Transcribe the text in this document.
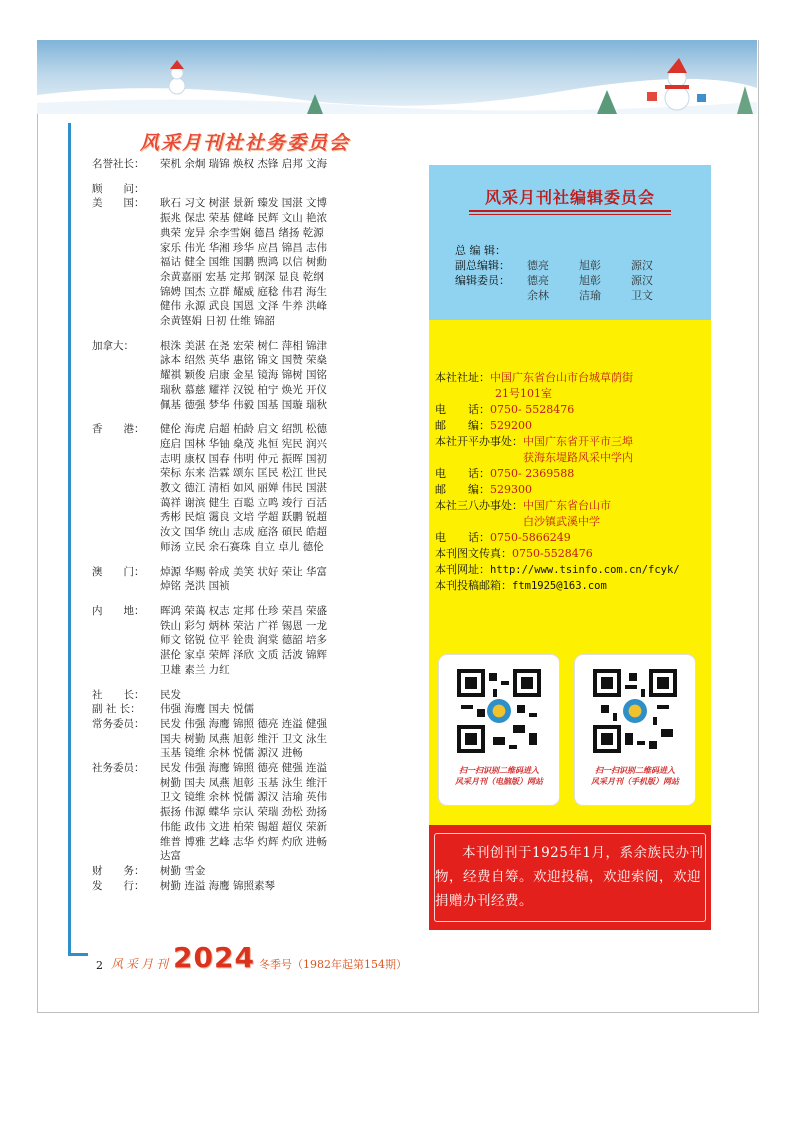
风采月刊社社务委员会
名誉社长：	荣机 余炯 瑞锦 焕权 杰锋 启邦 文海
顾　　问：
美　　国：	耿石 习文 树湛 景新 臻发 国湛 文博
振兆 保忠 荣基 健峰 民辉 文山 艳浓
典荣 宠异 余李雪娴 德昌 绪扬 乾源
家乐 伟光 华湘 珍华 应昌 锦昌 志伟
福诂 健全 国维 国鹏 煦鸿 以信 树勳
余黄嘉丽 宏基 定邦 钢深 显良 乾纲
锦娉 国杰 立群 耀威 庭稔 伟君 海生
健伟 永源 武良 国恩 文泽 牛养 洪峰
余黄铿娟 日初 仕维 锦韶
加拿大：	根洙 美湛 在尧 宏荣 树仁 萍相 锦津
詠本 绍然 英华 惠铭 锦文 国赞 荣燊
耀祺 颖俊 启康 金星 镜海 锦树 国铭
瑞秋 慕慈 耀祥 汉锐 柏宁 焕光 开仪
佩基 德强 梦华 伟毅 国基 国璇 瑞秋
香　　港：	健伦 海虎 启超 柏龄 启文 绍凯 松德
庭启 国林 华铀 燊茂 兆恒 宪民 润兴
志明 康权 国春 伟明 仲元 振晖 国初
荣标 东来 浩霖 颂东 匡民 松江 世民
教文 德江 清栢 如风 丽婵 伟民 国湛
蔼祥 谢滨 健生 百聪 立鸣 竣行 百活
秀彬 民煊 霭良 文培 学超 跃鹏 锐超
汝文 国华 统山 志成 庭洛 碩民 皓超
师汤 立民 余石赛珠 自立 卓儿 德伦
澳　　门：	焯源 华赐 幹成 美笑 状好 荣让 华富
焯铭 尧洪 国祯
内　　地：	晖鸿 荣蔼 权志 定邦 仕珍 荣昌 荣盛
铁山 彩匀 炳林 荣沾 广祥 锡恩 一龙
师文 铭锐 位平 铨贵 润棠 德韶 培多
湛伦 家卓 荣辉 泽欣 文质 活波 锦辉
卫雄 素兰 力红
社　　长：	民发
副 社 长：	伟强 海鹰 国夫 悦儒
常务委员：	民发 伟强 海鹰 锦照 德亮 连溢 健强
国夫 树勤 凤燕 旭彰 维汗 卫文 泳生
玉基 镜维 余林 悦儒 源汉 进畅
社务委员：	民发 伟强 海鹰 锦照 德亮 健强 连溢
树勤 国夫 凤燕 旭彰 玉基 泳生 维汗
卫文 镜维 余林 悦儒 源汉 洁瑜 英伟
振扬 伟源 蝶华 宗认 荣瑞 劲松 劲扬
伟能 政伟 文进 柏荣 锡超 超仪 荣新
维普 博雅 艺峰 志华 灼辉 灼欣 进畅
达富
财　　务：	树勤 雪金
发　　行：	树勤 连溢 海鹰 锦照素琴
风采月刊社编辑委员会
总 编 辑：
副总编辑：	德亮	旭彰	源汉
编辑委员：	德亮	旭彰	源汉
余林	洁瑜	卫文
本社社址：中国广东省台山市台城草荫街
21号101室
电　　话：0750- 5528476
邮　　编：529200
本社开平办事处：中国广东省开平市三埠
获海东堤路风采中学内
电　　话：0750- 2369588
邮　　编：529300
本社三八办事处：中国广东省台山市
白沙镇武溪中学
电　　话：0750-5866249
本刊图文传真：0750-5528476
本刊网址：http://www.tsinfo.com.cn/fcyk/
本刊投稿邮箱：ftm1925@163.com
扫一扫识别二维码进入
风采月刊（电脑版）网站
扫一扫识别二维码进入
风采月刊（手机版）网站
本刊创刊于1925年1月，系余族民办刊物，经费自筹。欢迎投稿，欢迎索阅，欢迎捐赠办刊经费。
2 风采月刊 2024 冬季号（1982年起第154期）
